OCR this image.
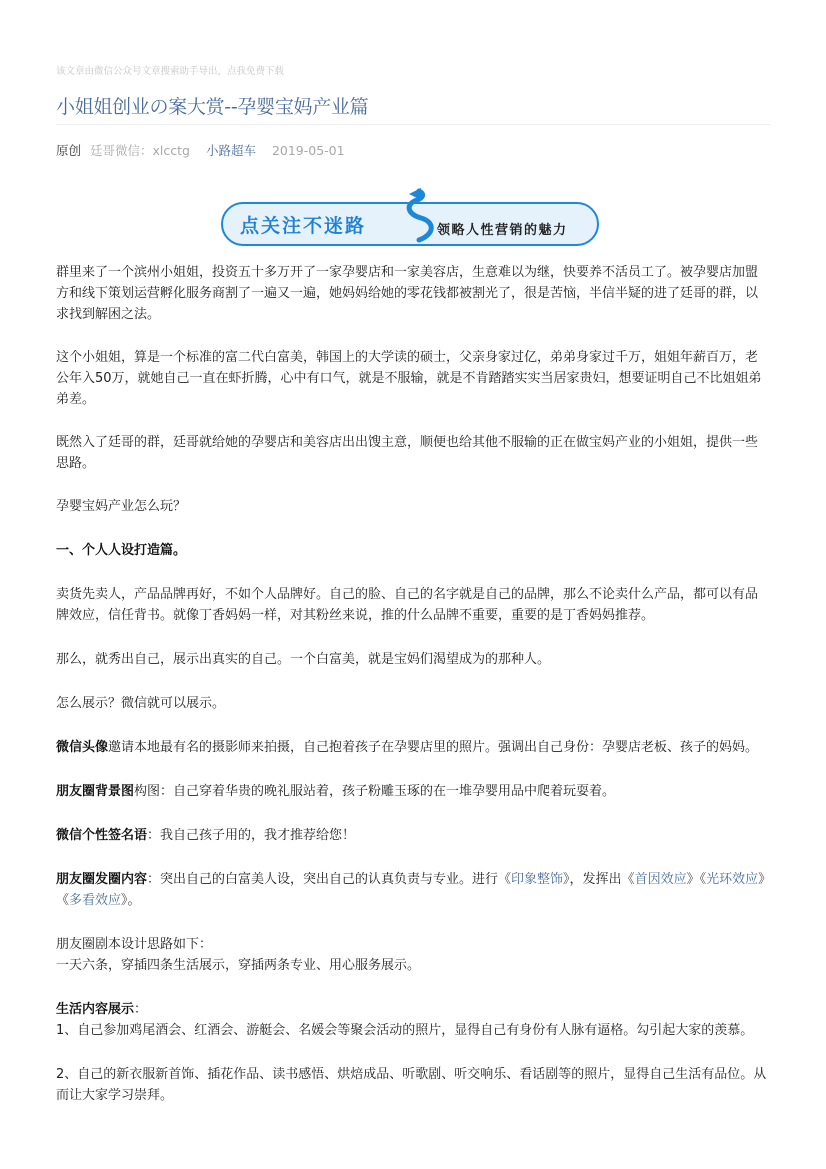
该文章由微信公众号文章搜索助手导出，点我免费下载
小姐姐创业の案大赏--孕婴宝妈产业篇
原创 廷哥微信：xlcctg 小路超车 2019-05-01
点关注不迷路	领略人性营销的魅力

群里来了一个滨州小姐姐，投资五十多万开了一家孕婴店和一家美容店，生意难以为继，快要养不活员工了。被孕婴店加盟方和线下策划运营孵化服务商割了一遍又一遍，她妈妈给她的零花钱都被割光了，很是苦恼，半信半疑的进了廷哥的群，以求找到解困之法。

这个小姐姐，算是一个标准的富二代白富美，韩国上的大学读的硕士，父亲身家过亿，弟弟身家过千万，姐姐年薪百万，老公年入50万，就她自己一直在虾折腾，心中有口气，就是不服输，就是不肯踏踏实实当居家贵妇，想要证明自己不比姐姐弟弟差。

既然入了廷哥的群，廷哥就给她的孕婴店和美容店出出馊主意，顺便也给其他不服输的正在做宝妈产业的小姐姐，提供一些思路。

孕婴宝妈产业怎么玩？

一、个人人设打造篇。

卖货先卖人，产品品牌再好，不如个人品牌好。自己的脸、自己的名字就是自己的品牌，那么不论卖什么产品，都可以有品牌效应，信任背书。就像丁香妈妈一样，对其粉丝来说，推的什么品牌不重要，重要的是丁香妈妈推荐。

那么，就秀出自己，展示出真实的自己。一个白富美，就是宝妈们渴望成为的那种人。

怎么展示？微信就可以展示。

微信头像邀请本地最有名的摄影师来拍摄，自己抱着孩子在孕婴店里的照片。强调出自己身份：孕婴店老板、孩子的妈妈。

朋友圈背景图构图：自己穿着华贵的晚礼服站着，孩子粉雕玉琢的在一堆孕婴用品中爬着玩耍着。

微信个性签名语：我自己孩子用的，我才推荐给您！

朋友圈发圈内容：突出自己的白富美人设，突出自己的认真负责与专业。进行《印象整饰》，发挥出《首因效应》《光环效应》《多看效应》。

朋友圈剧本设计思路如下：
一天六条，穿插四条生活展示，穿插两条专业、用心服务展示。

生活内容展示：
1、自己参加鸡尾酒会、红酒会、游艇会、名媛会等聚会活动的照片，显得自己有身份有人脉有逼格。勾引起大家的羡慕。

2、自己的新衣服新首饰、插花作品、读书感悟、烘焙成品、听歌剧、听交响乐、看话剧等的照片，显得自己生活有品位。从而让大家学习崇拜。
